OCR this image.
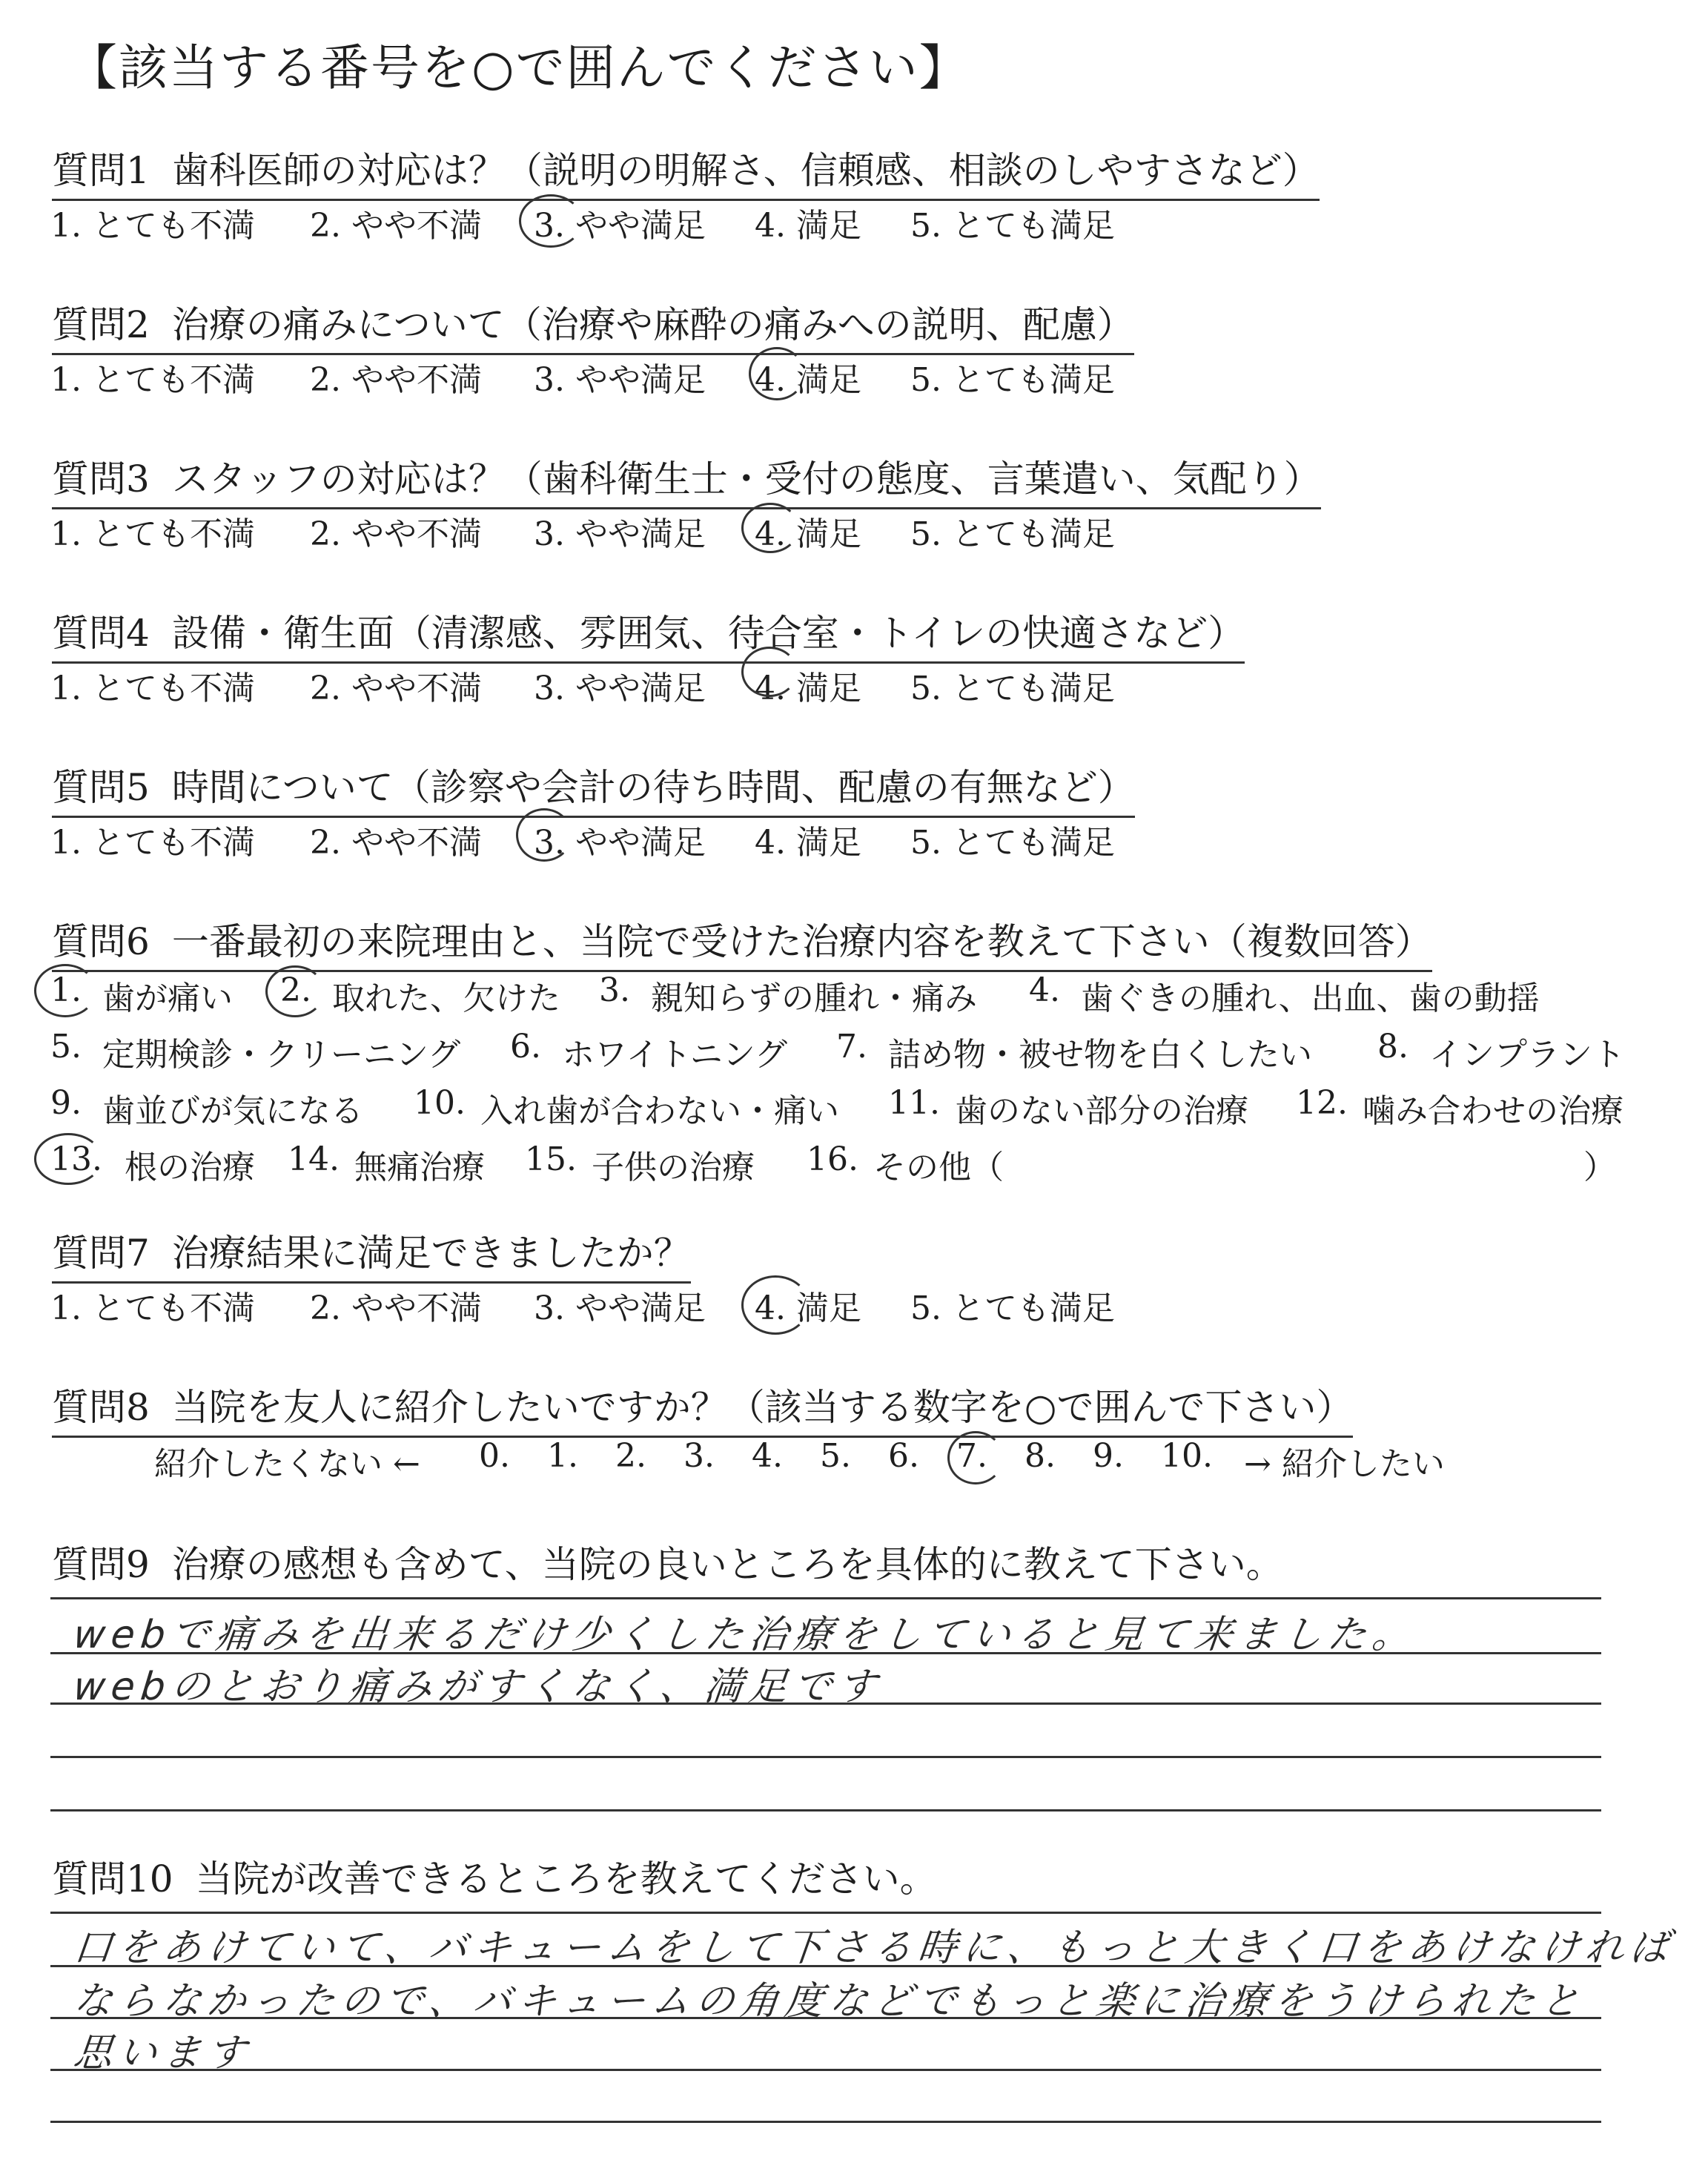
【該当する番号を○で囲んでください】
質問1 歯科医師の対応は？（説明の明解さ、信頼感、相談のしやすさなど）
1. とても不満 2. やや不満 3. やや満足 4. 満足 5. とても満足
質問2 治療の痛みについて（治療や麻酔の痛みへの説明、配慮）
1. とても不満 2. やや不満 3. やや満足 4. 満足 5. とても満足
質問3 スタッフの対応は？（歯科衛生士・受付の態度、言葉遣い、気配り）
1. とても不満 2. やや不満 3. やや満足 4. 満足 5. とても満足
質問4 設備・衛生面（清潔感、雰囲気、待合室・トイレの快適さなど）
1. とても不満 2. やや不満 3. やや満足 4. 満足 5. とても満足
質問5 時間について（診察や会計の待ち時間、配慮の有無など）
1. とても不満 2. やや不満 3. やや満足 4. 満足 5. とても満足
質問6 一番最初の来院理由と、当院で受けた治療内容を教えて下さい（複数回答）
1. 歯が痛い 2. 取れた、欠けた 3. 親知らずの腫れ・痛み 4. 歯ぐきの腫れ、出血、歯の動揺
5. 定期検診・クリーニング 6. ホワイトニング 7. 詰め物・被せ物を白くしたい 8. インプラント
9. 歯並びが気になる 10. 入れ歯が合わない・痛い 11. 歯のない部分の治療 12. 噛み合わせの治療
13. 根の治療 14. 無痛治療 15. 子供の治療 16. その他（	）
質問7 治療結果に満足できましたか？
1. とても不満 2. やや不満 3. やや満足 4. 満足 5. とても満足
質問8 当院を友人に紹介したいですか？（該当する数字を○で囲んで下さい）
紹介したくない ← 0. 1. 2. 3. 4. 5. 6. 7. 8. 9. 10. → 紹介したい
質問9 治療の感想も含めて、当院の良いところを具体的に教えて下さい。
webで痛みを出来るだけ少くした治療をしていると見て来ました。
webのとおり痛みがすくなく、満足です
質問10 当院が改善できるところを教えてください。
口をあけていて、バキュームをして下さる時に、もっと大きく口をあけなければ
ならなかったので、バキュームの角度などでもっと楽に治療をうけられたと
思います
